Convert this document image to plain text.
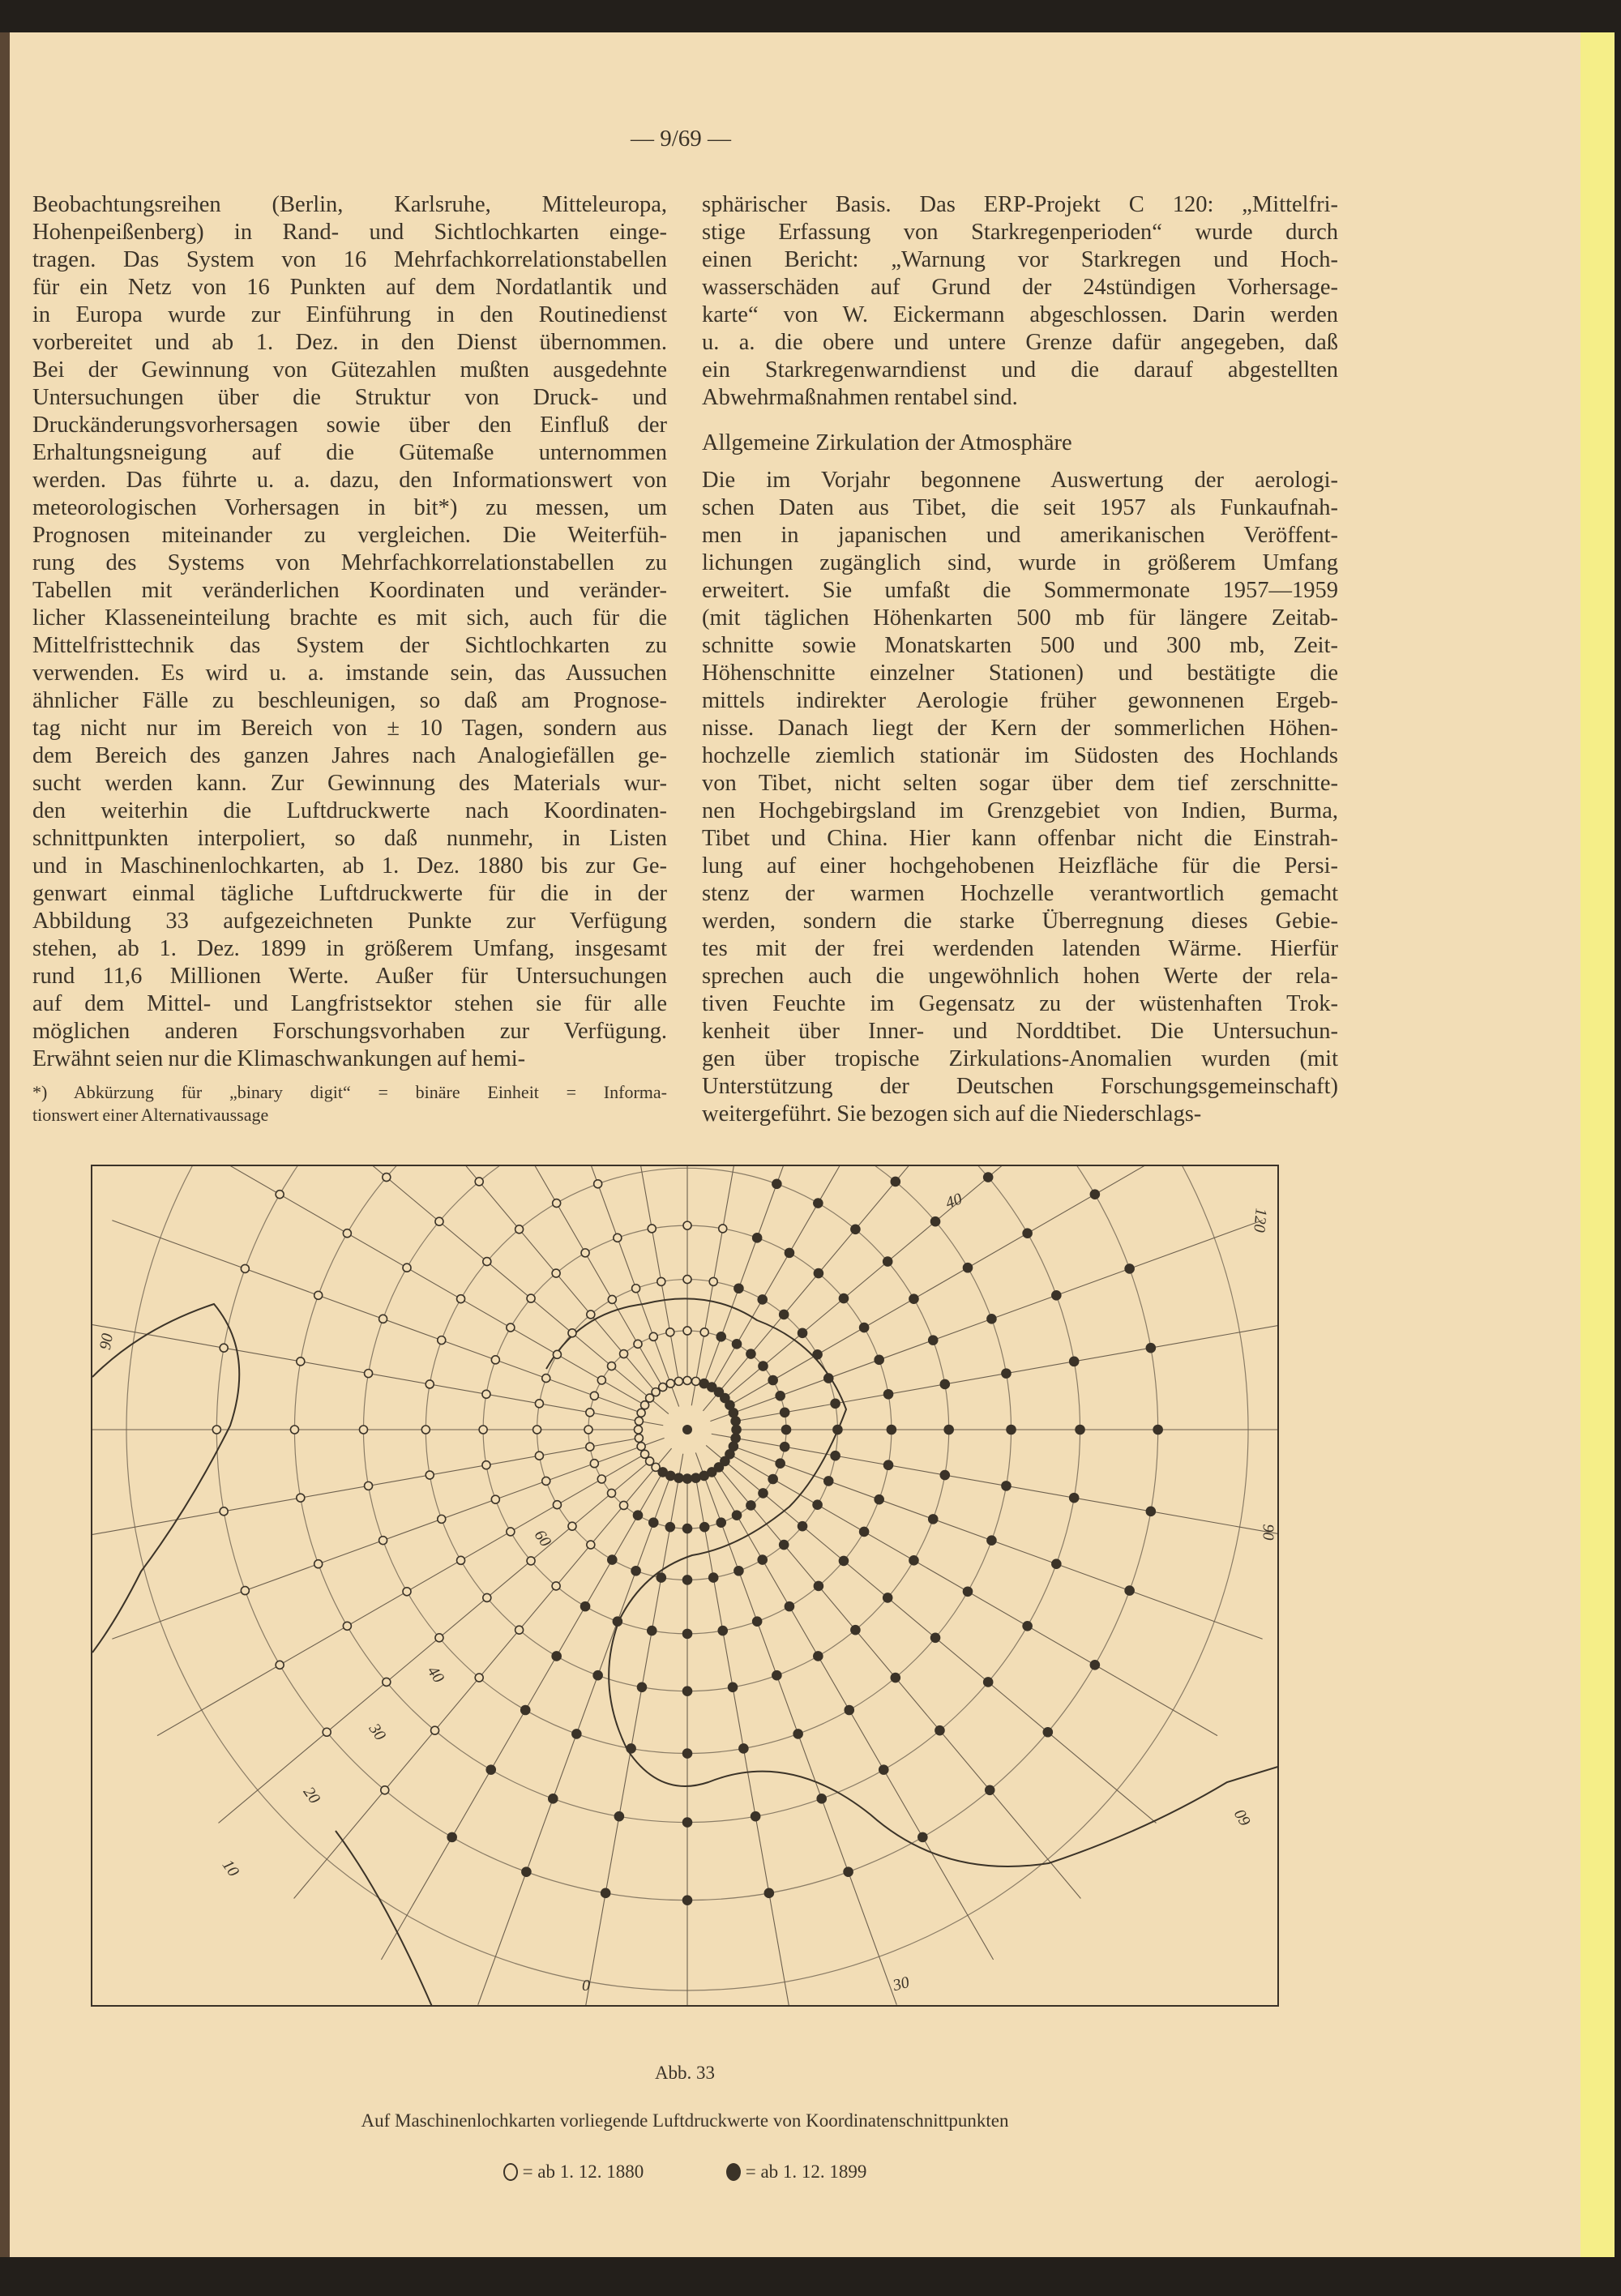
— 9/69 —
Beobachtungsreihen (Berlin, Karlsruhe, Mitteleuropa,
Hohenpeißenberg) in Rand- und Sichtlochkarten einge-
tragen. Das System von 16 Mehrfachkorrelationstabellen
für ein Netz von 16 Punkten auf dem Nordatlantik und
in Europa wurde zur Einführung in den Routinedienst
vorbereitet und ab 1. Dez. in den Dienst übernommen.
Bei der Gewinnung von Gütezahlen mußten ausgedehnte
Untersuchungen über die Struktur von Druck- und
Druckänderungsvorhersagen sowie über den Einfluß der
Erhaltungsneigung auf die Gütemaße unternommen
werden. Das führte u. a. dazu, den Informationswert von
meteorologischen Vorhersagen in bit*) zu messen, um
Prognosen miteinander zu vergleichen. Die Weiterfüh-
rung des Systems von Mehrfachkorrelationstabellen zu
Tabellen mit veränderlichen Koordinaten und veränder-
licher Klasseneinteilung brachte es mit sich, auch für die
Mittelfristtechnik das System der Sichtlochkarten zu
verwenden. Es wird u. a. imstande sein, das Aussuchen
ähnlicher Fälle zu beschleunigen, so daß am Prognose-
tag nicht nur im Bereich von ± 10 Tagen, sondern aus
dem Bereich des ganzen Jahres nach Analogiefällen ge-
sucht werden kann. Zur Gewinnung des Materials wur-
den weiterhin die Luftdruckwerte nach Koordinaten-
schnittpunkten interpoliert, so daß nunmehr, in Listen
und in Maschinenlochkarten, ab 1. Dez. 1880 bis zur Ge-
genwart einmal tägliche Luftdruckwerte für die in der
Abbildung 33 aufgezeichneten Punkte zur Verfügung
stehen, ab 1. Dez. 1899 in größerem Umfang, insgesamt
rund 11,6 Millionen Werte. Außer für Untersuchungen
auf dem Mittel- und Langfristsektor stehen sie für alle
möglichen anderen Forschungsvorhaben zur Verfügung.
Erwähnt seien nur die Klimaschwankungen auf hemi-
*) Abkürzung für „binary digit“ = binäre Einheit = Informa-
tionswert einer Alternativaussage
sphärischer Basis. Das ERP-Projekt C 120: „Mittelfri-
stige Erfassung von Starkregenperioden“ wurde durch
einen Bericht: „Warnung vor Starkregen und Hoch-
wasserschäden auf Grund der 24stündigen Vorhersage-
karte“ von W. Eickermann abgeschlossen. Darin werden
u. a. die obere und untere Grenze dafür angegeben, daß
ein Starkregenwarndienst und die darauf abgestellten
Abwehrmaßnahmen rentabel sind.
Allgemeine Zirkulation der Atmosphäre
Die im Vorjahr begonnene Auswertung der aerologi-
schen Daten aus Tibet, die seit 1957 als Funkaufnah-
men in japanischen und amerikanischen Veröffent-
lichungen zugänglich sind, wurde in größerem Umfang
erweitert. Sie umfaßt die Sommermonate 1957—1959
(mit täglichen Höhenkarten 500 mb für längere Zeitab-
schnitte sowie Monatskarten 500 und 300 mb, Zeit-
Höhenschnitte einzelner Stationen) und bestätigte die
mittels indirekter Aerologie früher gewonnenen Ergeb-
nisse. Danach liegt der Kern der sommerlichen Höhen-
hochzelle ziemlich stationär im Südosten des Hochlands
von Tibet, nicht selten sogar über dem tief zerschnitte-
nen Hochgebirgsland im Grenzgebiet von Indien, Burma,
Tibet und China. Hier kann offenbar nicht die Einstrah-
lung auf einer hochgehobenen Heizfläche für die Persi-
stenz der warmen Hochzelle verantwortlich gemacht
werden, sondern die starke Überregnung dieses Gebie-
tes mit der frei werdenden latenden Wärme. Hierfür
sprechen auch die ungewöhnlich hohen Werte der rela-
tiven Feuchte im Gegensatz zu der wüstenhaften Trok-
kenheit über Inner- und Norddtibet. Die Untersuchun-
gen über tropische Zirkulations-Anomalien wurden (mit
Unterstützung der Deutschen Forschungsgemeinschaft)
weitergeführt. Sie bezogen sich auf die Niederschlags-
40
120
90
90
0
10
20
30
40
60
30
60
Abb. 33
Auf Maschinenlochkarten vorliegende Luftdruckwerte von Koordinatenschnittpunkten
= ab 1. 12. 1880	= ab 1. 12. 1899
